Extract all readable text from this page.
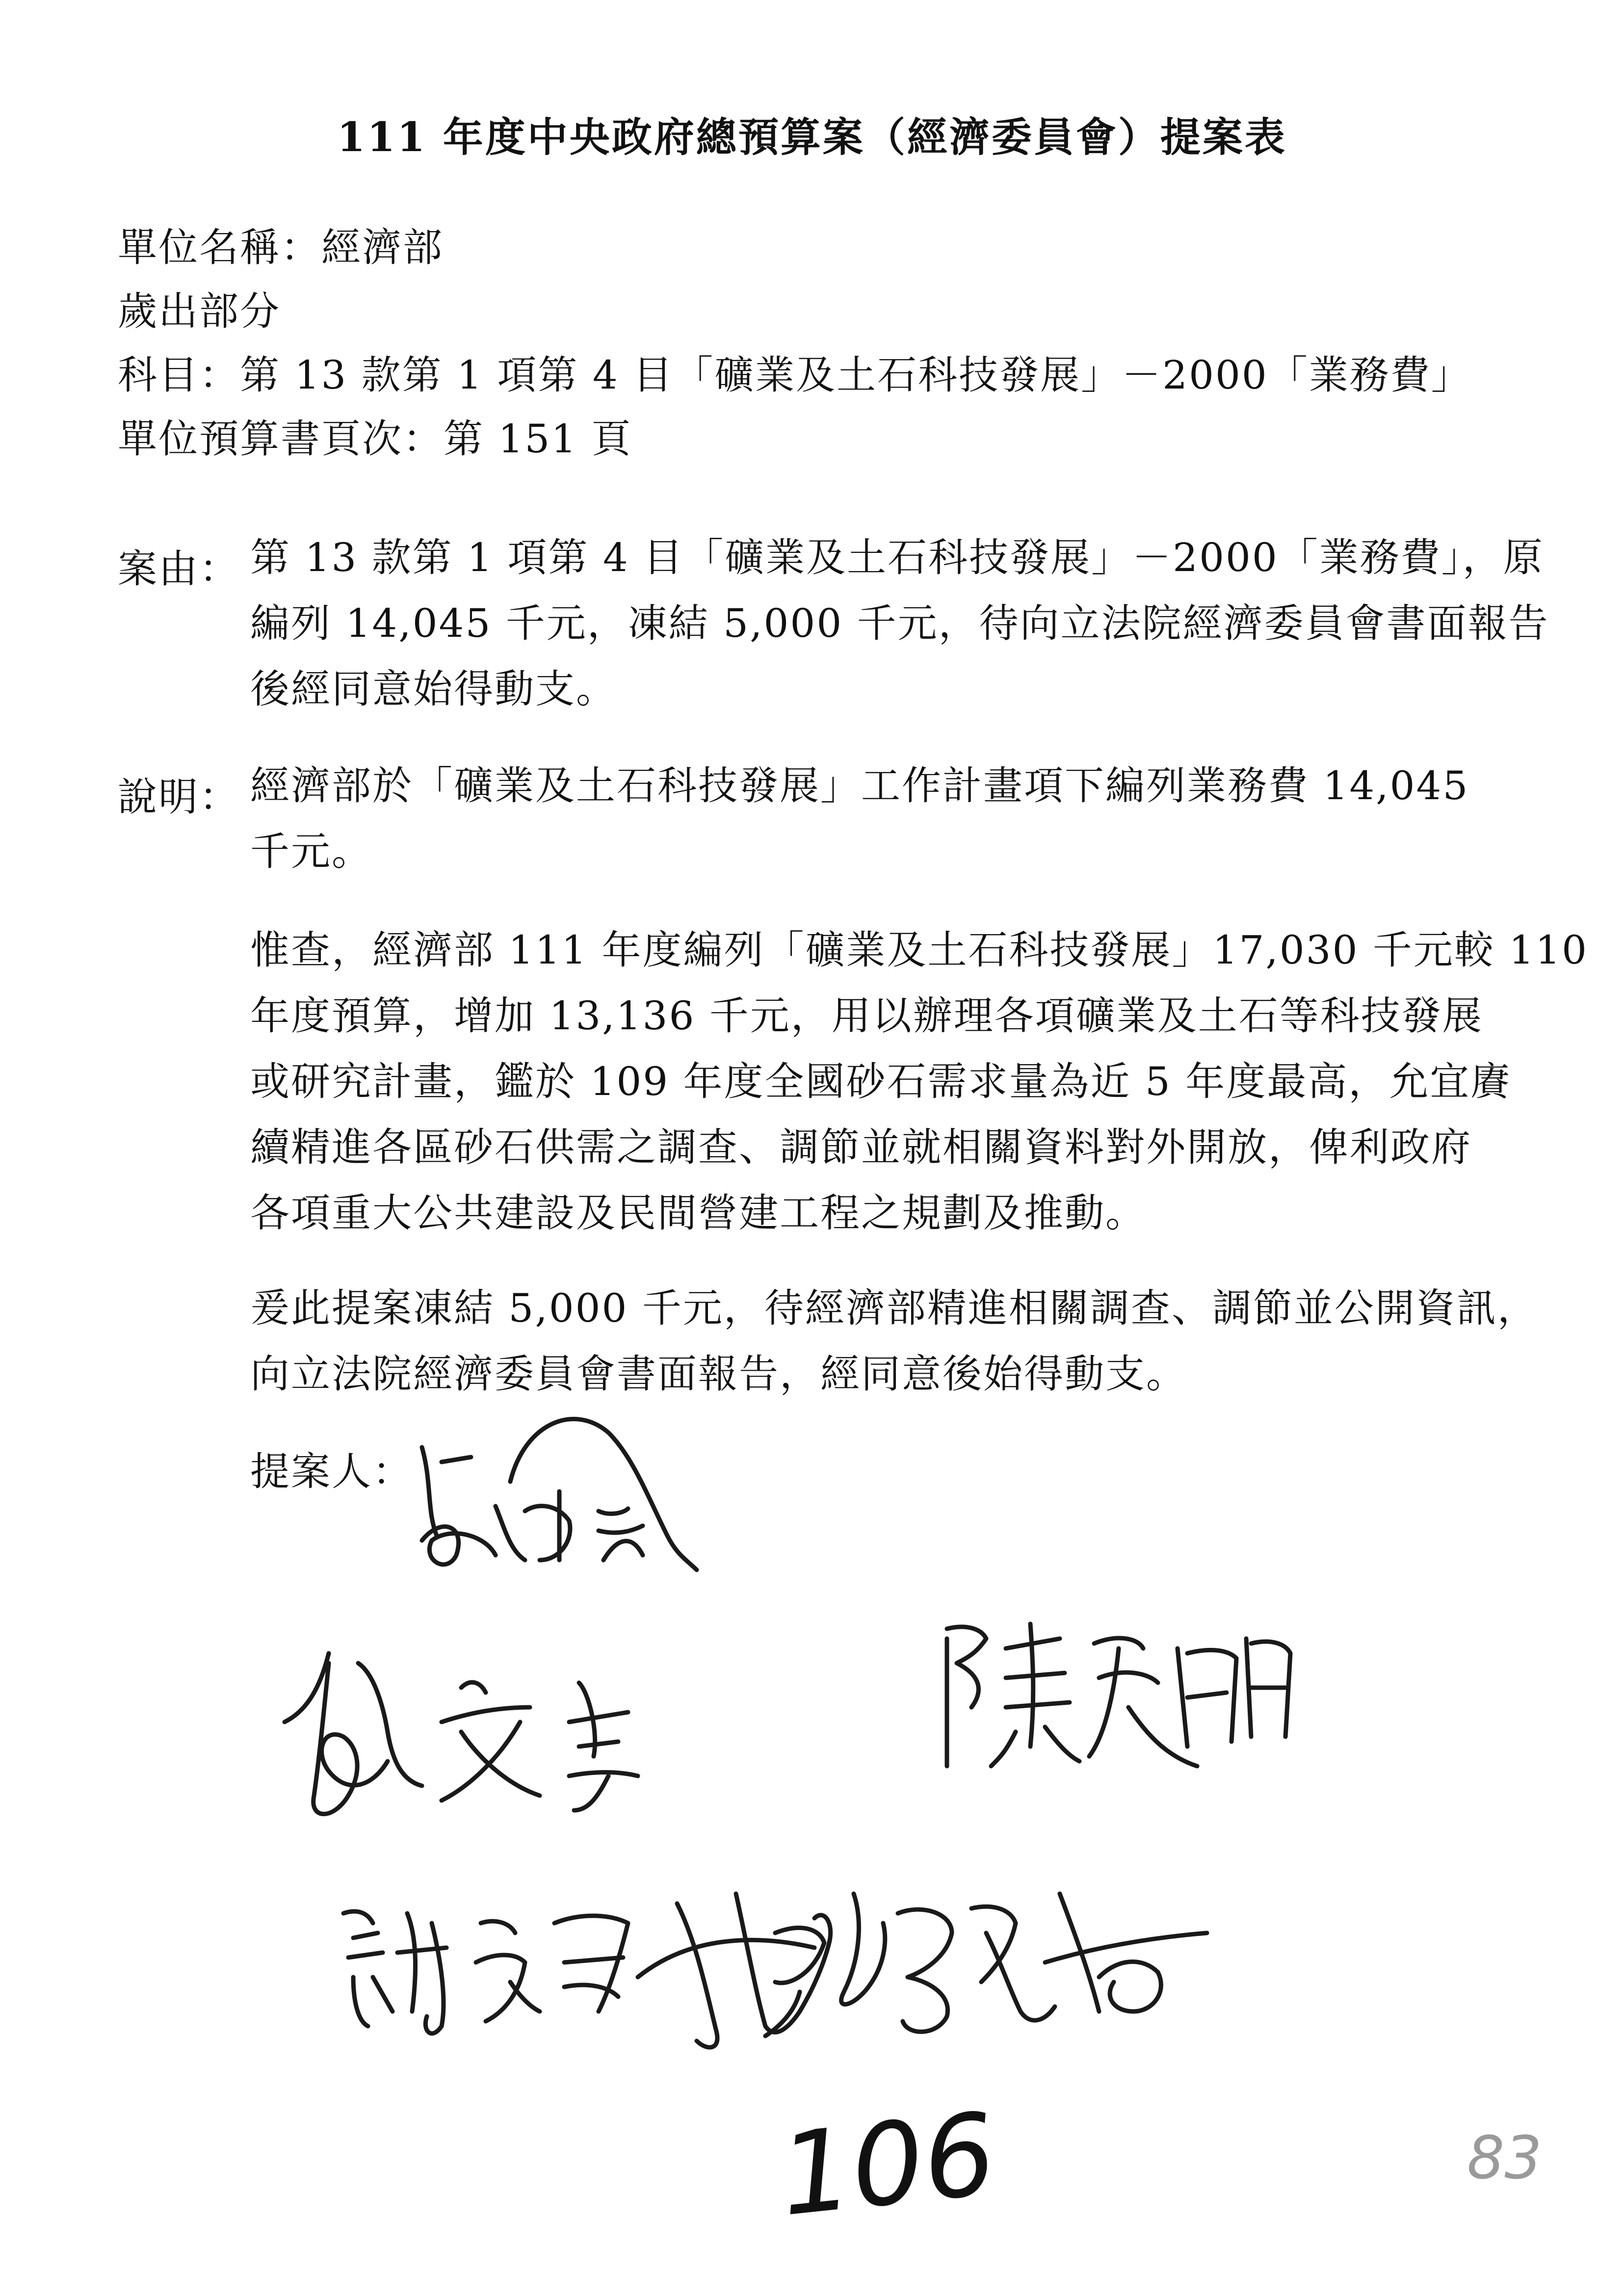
111 年度中央政府總預算案（經濟委員會）提案表
單位名稱：經濟部
歲出部分
科目：第 13 款第 1 項第 4 目「礦業及土石科技發展」－2000「業務費」
單位預算書頁次：第 151 頁
案由： 第 13 款第 1 項第 4 目「礦業及土石科技發展」－2000「業務費」，原
編列 14,045 千元，凍結 5,000 千元，待向立法院經濟委員會書面報告
後經同意始得動支。
說明： 經濟部於「礦業及土石科技發展」工作計畫項下編列業務費 14,045
千元。
惟查，經濟部 111 年度編列「礦業及土石科技發展」17,030 千元較 110
年度預算，增加 13,136 千元，用以辦理各項礦業及土石等科技發展
或研究計畫，鑑於 109 年度全國砂石需求量為近 5 年度最高，允宜賡
續精進各區砂石供需之調查、調節並就相關資料對外開放，俾利政府
各項重大公共建設及民間營建工程之規劃及推動。
爰此提案凍結 5,000 千元，待經濟部精進相關調查、調節並公開資訊，
向立法院經濟委員會書面報告，經同意後始得動支。
提案人：
106	83
